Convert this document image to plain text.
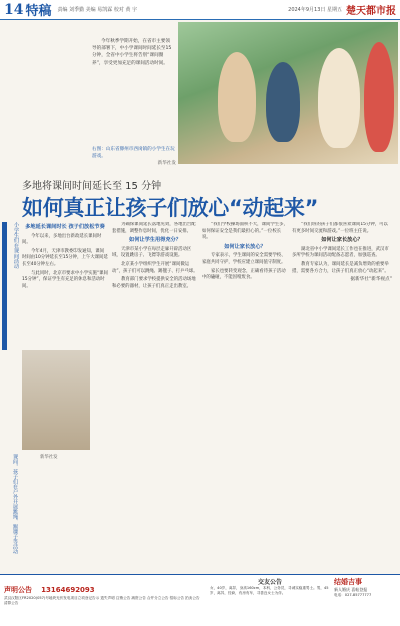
14 特稿 责编 刘季勤 美编 易凯霖 校对 黄 宇	2024年9月13日 星期五 楚天都市报
今年秋季学期开始，在省市主要领导的部署下，中小学课间时间延长至15分钟，全省中小学生将告别“课间圈养”，享受更加充足的课间活动时间。
右图：山东省滕州市西岗镇的小学生在玩游戏。
新华社发
多地将课间时间延长至 15 分钟
如何真正让孩子们放心“动起来”
小学生们在课间活动
课间，孩子们在户外开展跳绳、踢毽子等活动	新华社发
多地延长课间时长 孩子们放松节奏
今年以来，多地出台新政延长课间时间。
今年4月，天津市教委印发通知，课间时间由10分钟延长至15分钟，上午大课间延长至40分钟左右。
与此同时，北京市要求中小学实施“课间15分钟”，保证学生有充足的休息和活动时间。
为确保课间延长落地见效，各地出台配套措施，调整作息时间，优化一日安排。
如何让学生用得充分？
天津市某小学在每层走廊开辟活动区域，设置跳房子、飞镖等游戏设施。
北京某小学组织学生开展“课间微运动”，孩子们可以跳绳、踢毽子、打乒乓球。
教育部门要求学校提供安全的活动场地和必要的器材，让孩子们真正走出教室。
“我们学校操场面积不大，课间学生多，如何保证安全是我们最担心的。”一位校长说。
如何让家长放心？
专家表示，学生课间的安全需要学校、家庭共同守护，学校应建立课间值守制度。
家长也要转变观念，正确看待孩子活动中的磕碰，不能因噎废食。
“我们班的孩子们都很喜欢课间15分钟，可以有更多时间交流和游戏。”一位班主任说。
如何让家长放心？
湖北省中小学课间延长工作也在推进，武汉市多所学校为课间活动配备志愿者，加强巡查。
教育专家认为，课间延长是减负增效的重要举措，需要各方合力，让孩子们真正放心“动起来”。
据新华社“新华视点”
声明公告 13164692093
武汉汉阳区FR2020(057)号地块光伏发电项目立项登记告示 遗失声明 注销公告 减资公告 合并分立公告 招标公告 拍卖公告 清算公告
交友公告
女，40岁，离异，身高160cm，本科，公务员，寻诚实稳重男士。男，45岁，离异，经商，有房有车，寻善良女士为伴。
结婚吉事
新人婚庆 喜帖登报
电话：027-85777777
